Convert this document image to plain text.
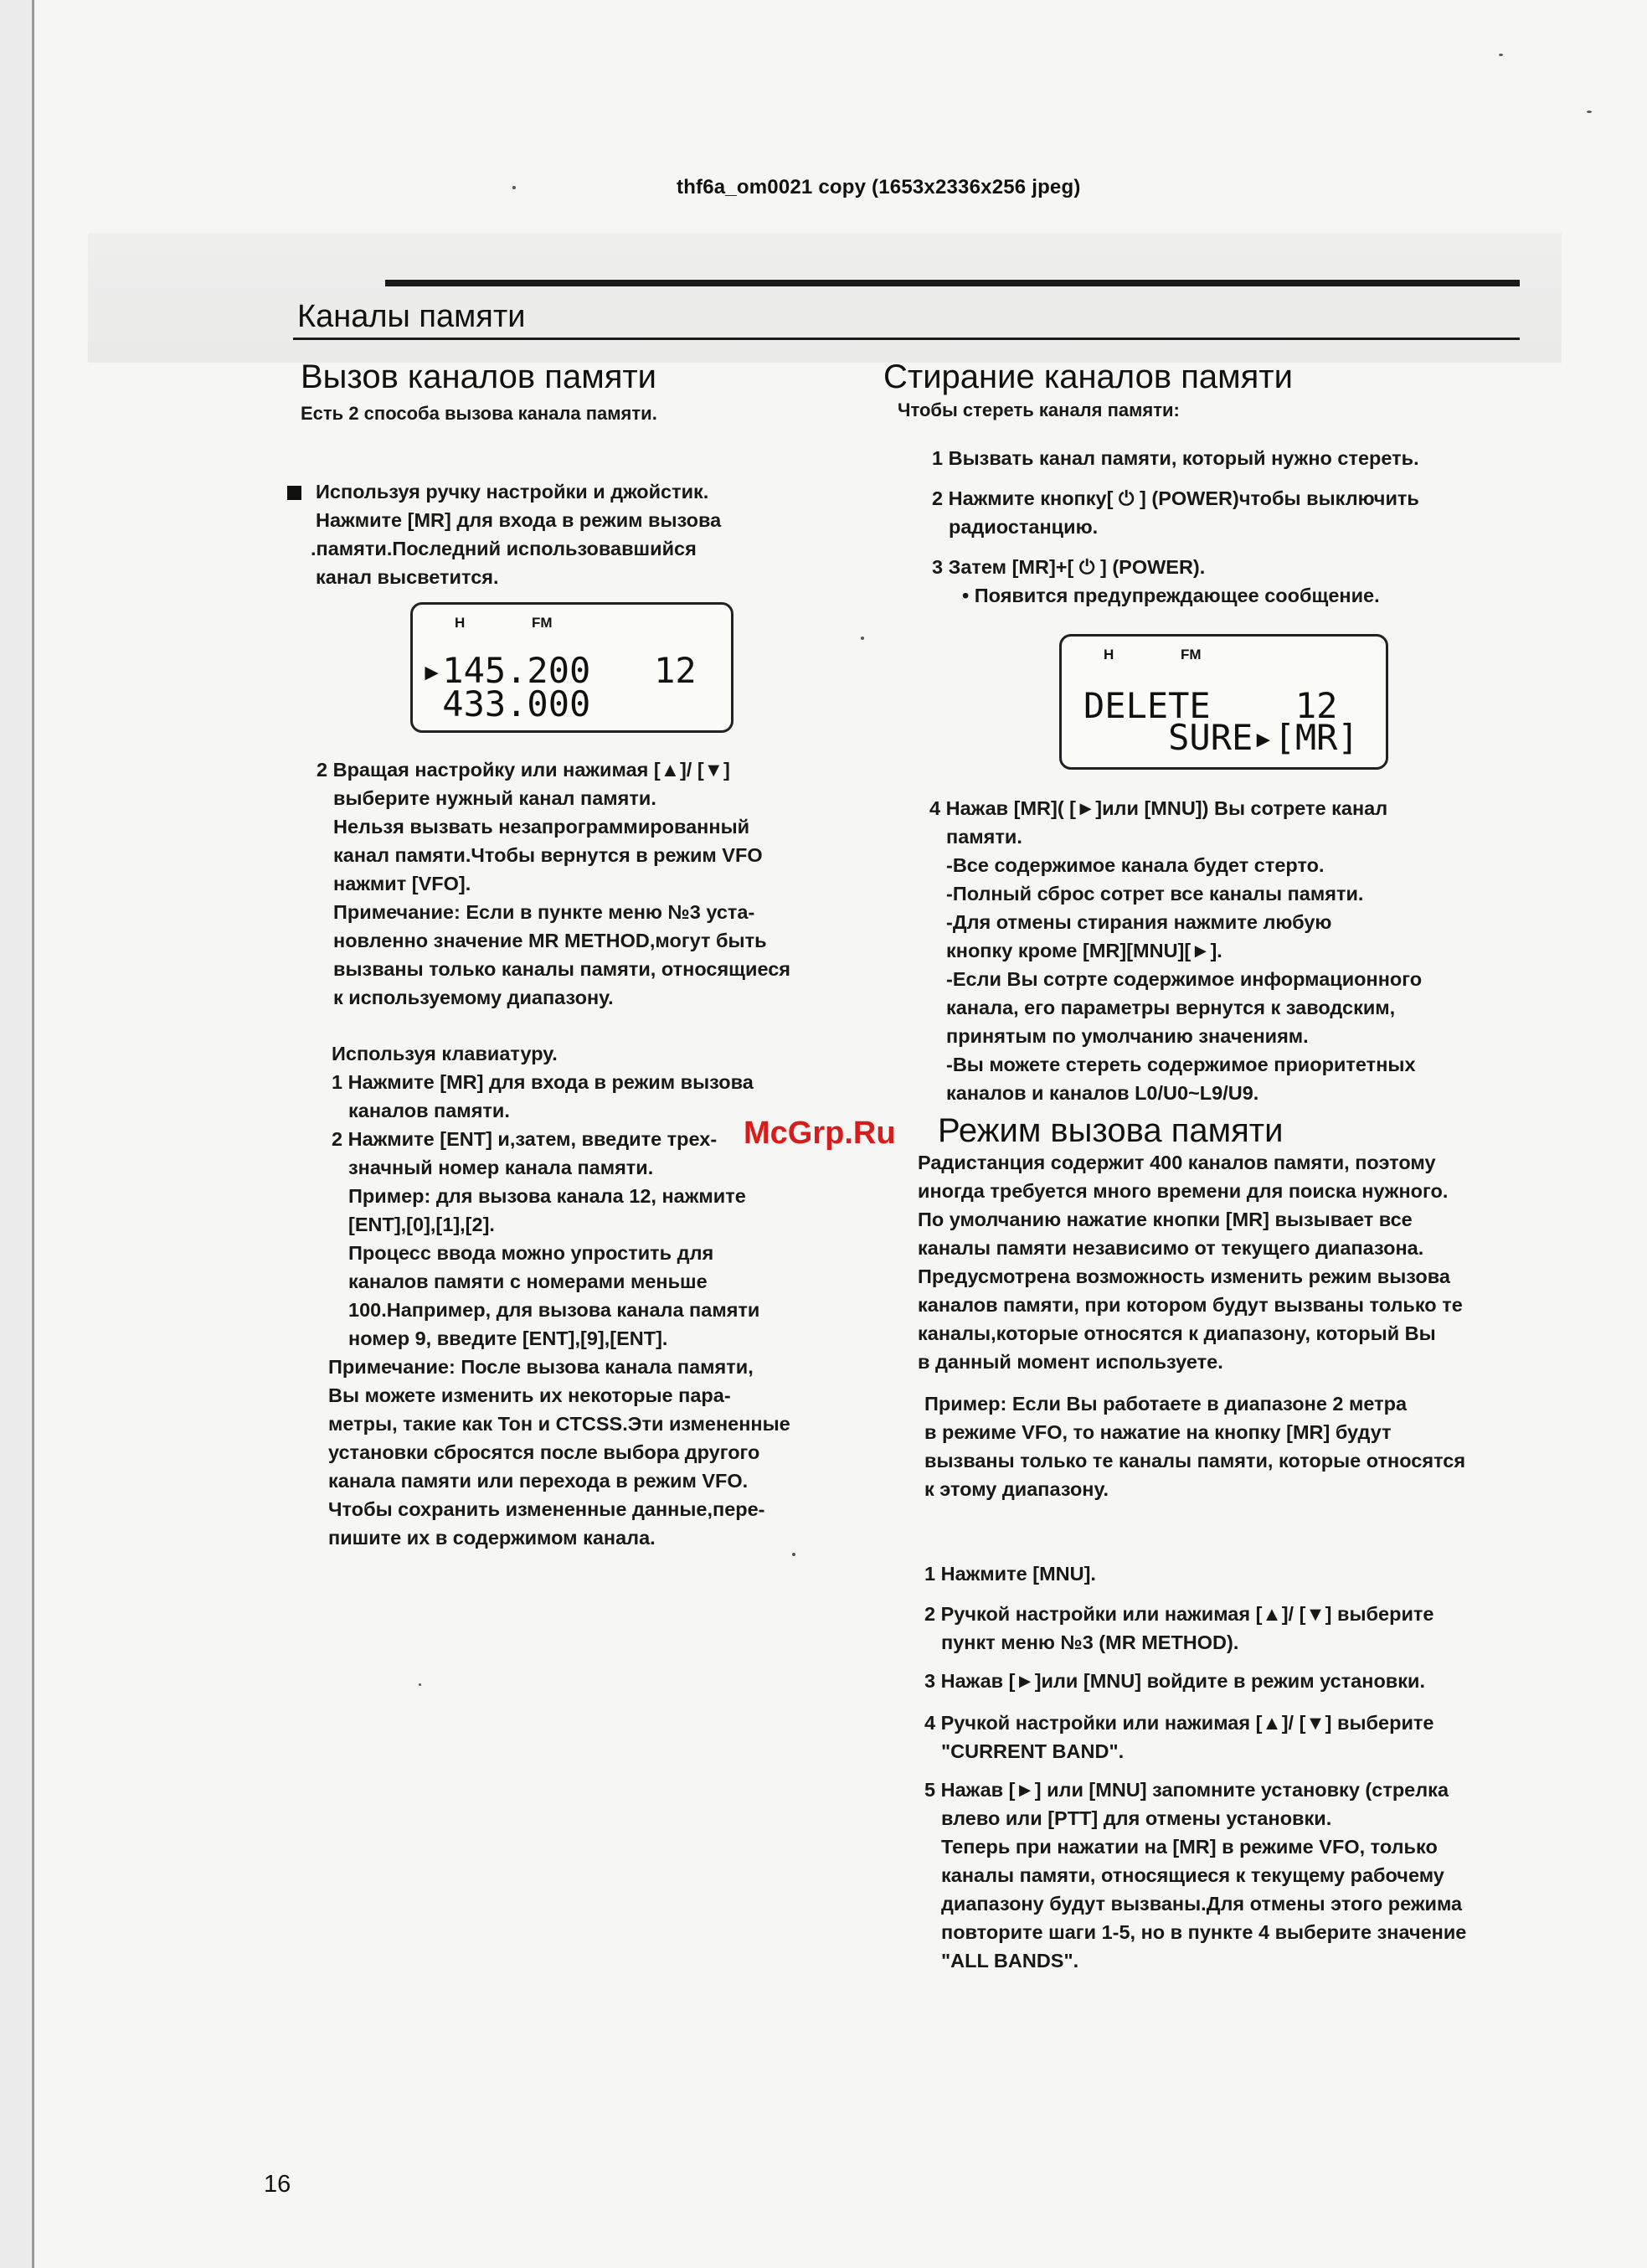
thf6a_om0021 copy (1653x2336x256 jpeg)
Каналы памяти
Вызов каналов памяти

Есть 2 способа вызова канала памяти.

Используя ручку настройки и джойстик.

Нажмите [MR] для входа в режим вызова

.памяти.Последний использовавшийся

канал высветится.

H	FM
▸145.200   12
433.000

2 Вращая настройку или нажимая [▲]/ [▼]

выберите нужный канал памяти.

Нельзя вызвать незапрограммированный

канал памяти.Чтобы вернутся в режим VFO

нажмит [VFO].

Примечание: Если в пункте меню №3 уста-

новленно значение MR METHOD,могут быть

вызваны только каналы памяти, относящиеся

к используемому диапазону.

Используя клавиатуру.

1 Нажмите [MR] для входа в режим вызова

каналов памяти.

2 Нажмите [ENT] и,затем, введите трех-

значный номер канала памяти.

Пример: для вызова канала 12, нажмите

[ENT],[0],[1],[2].

Процесс ввода можно упростить для

каналов памяти с номерами меньше

100.Например, для вызова канала памяти

номер 9, введите [ENT],[9],[ENT].

Примечание: После вызова канала памяти,

Вы можете изменить их некоторые пара-

метры, такие как Тон и CTCSS.Эти измененные

установки сбросятся после выбора другого

канала памяти или перехода в режим VFO.

Чтобы сохранить измененные данные,пере-

пишите их в содержимом канала.

Стирание каналов памяти

Чтобы стереть каналя памяти:

1 Вызвать канал памяти, который нужно стереть.

2 Нажмите кнопку[ ⏻ ] (POWER)чтобы выключить

радиостанцию.

3 Затем [MR]+[ ⏻ ] (POWER).

• Появится предупреждающее сообщение.

H	FM
DELETE    12
SURE▸[MR]

4 Нажав [MR]( [►]или [MNU]) Вы сотрете канал

памяти.

-Все содержимое канала будет стерто.

-Полный сброс сотрет все каналы памяти.

-Для отмены стирания нажмите любую

кнопку кроме [MR][MNU][►].

-Если Вы сотрте содержимое информационного

канала, его параметры вернутся к заводским,

принятым по умолчанию значениям.

-Вы можете стереть содержимое приоритетных

каналов и каналов L0/U0~L9/U9.

McGrp.Ru Режим вызова памяти

Радистанция содержит 400 каналов памяти, поэтому

иногда требуется много времени для поиска нужного.

По умолчанию нажатие кнопки [MR] вызывает все

каналы памяти независимо от текущего диапазона.

Предусмотрена возможность изменить режим вызова

каналов памяти, при котором будут вызваны только те

каналы,которые относятся к диапазону, который Вы

в данный момент используете.

Пример: Если Вы работаете в диапазоне 2 метра

в режиме VFO, то нажатие на кнопку [MR] будут

вызваны только те каналы памяти, которые относятся

к этому диапазону.

1 Нажмите [MNU].

2 Ручкой настройки или нажимая [▲]/ [▼] выберите

пункт меню №3 (MR METHOD).

3 Нажав [►]или [MNU] войдите в режим установки.

4 Ручкой настройки или нажимая [▲]/ [▼] выберите

"CURRENT BAND".

5 Нажав [►] или [MNU] запомните установку (стрелка

влево или [PTT] для отмены установки.

Теперь при нажатии на [MR] в режиме VFO, только

каналы памяти, относящиеся к текущему рабочему

диапазону будут вызваны.Для отмены этого режима

повторите шаги 1-5, но в пункте 4 выберите значение

"ALL BANDS".

16
